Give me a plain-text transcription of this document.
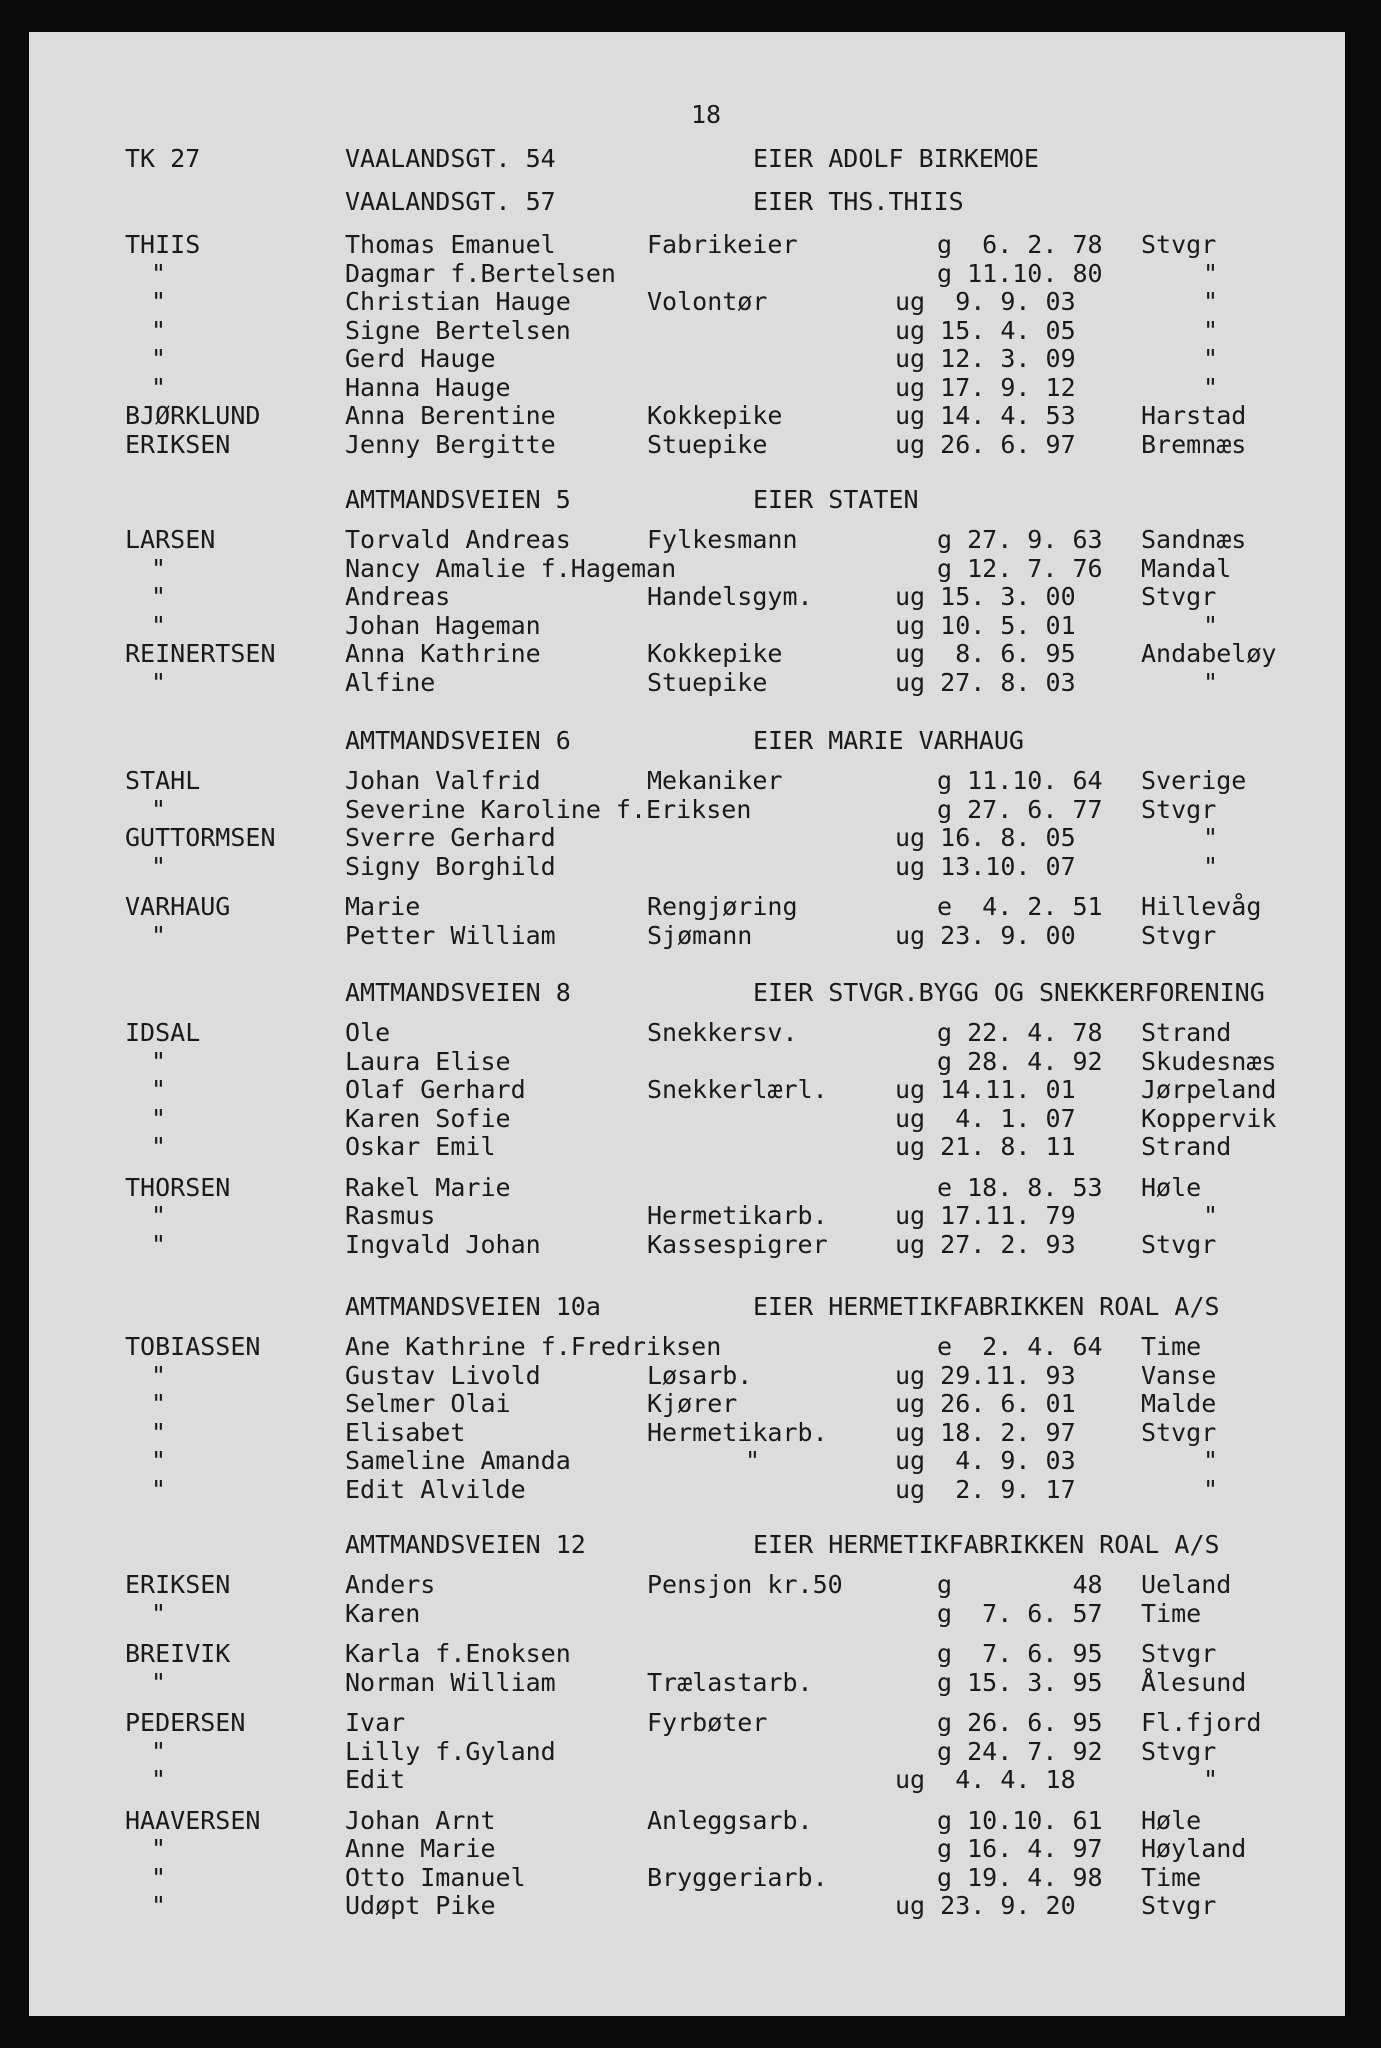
18
TK 27	VAALANDSGT. 54	EIER ADOLF BIRKEMOE
VAALANDSGT. 57	EIER THS.THIIS
THIIS	Thomas Emanuel	Fabrikeier	g  6. 2. 78 Stvgr
"	Dagmar f.Bertelsen	g 11.10. 80	"
"	Christian Hauge	Volontør	ug  9. 9. 03	"
"	Signe Bertelsen	ug 15. 4. 05	"
"	Gerd Hauge	ug 12. 3. 09	"
"	Hanna Hauge	ug 17. 9. 12	"
BJØRKLUND	Anna Berentine	Kokkepike	ug 14. 4. 53	Harstad
ERIKSEN	Jenny Bergitte	Stuepike	ug 26. 6. 97	Bremnæs
AMTMANDSVEIEN 5	EIER STATEN
LARSEN	Torvald Andreas	Fylkesmann	g 27. 9. 63 Sandnæs
"	Nancy Amalie f.Hageman	g 12. 7. 76 Mandal
"	Andreas	Handelsgym.	ug 15. 3. 00	Stvgr
"	Johan Hageman	ug 10. 5. 01	"
REINERTSEN	Anna Kathrine	Kokkepike	ug  8. 6. 95	Andabeløy
"	Alfine	Stuepike	ug 27. 8. 03	"
AMTMANDSVEIEN 6	EIER MARIE VARHAUG
STAHL	Johan Valfrid	Mekaniker	g 11.10. 64 Sverige
"	Severine Karoline f.Eriksen	g 27. 6. 77 Stvgr
GUTTORMSEN	Sverre Gerhard	ug 16. 8. 05	"
"	Signy Borghild	ug 13.10. 07	"
VARHAUG	Marie	Rengjøring	e  4. 2. 51 Hillevåg
"	Petter William	Sjømann	ug 23. 9. 00	Stvgr
AMTMANDSVEIEN 8	EIER STVGR.BYGG OG SNEKKERFORENING
IDSAL	Ole	Snekkersv.	g 22. 4. 78 Strand
"	Laura Elise	g 28. 4. 92 Skudesnæs
"	Olaf Gerhard	Snekkerlærl.	ug 14.11. 01	Jørpeland
"	Karen Sofie	ug  4. 1. 07	Koppervik
"	Oskar Emil	ug 21. 8. 11	Strand
THORSEN	Rakel Marie	e 18. 8. 53 Høle
"	Rasmus	Hermetikarb.	ug 17.11. 79	"
"	Ingvald Johan	Kassespigrer	ug 27. 2. 93	Stvgr
AMTMANDSVEIEN 10a	EIER HERMETIKFABRIKKEN ROAL A/S
TOBIASSEN	Ane Kathrine f.Fredriksen	e  2. 4. 64 Time
"	Gustav Livold	Løsarb.	ug 29.11. 93	Vanse
"	Selmer Olai	Kjører	ug 26. 6. 01	Malde
"	Elisabet	Hermetikarb.	ug 18. 2. 97	Stvgr
"	Sameline Amanda	"	ug  4. 9. 03	"
"	Edit Alvilde	ug  2. 9. 17	"
AMTMANDSVEIEN 12	EIER HERMETIKFABRIKKEN ROAL A/S
ERIKSEN	Anders	Pensjon kr.50	g        48 Ueland
"	Karen	g  7. 6. 57 Time
BREIVIK	Karla f.Enoksen	g  7. 6. 95 Stvgr
"	Norman William	Trælastarb.	g 15. 3. 95 Ålesund
PEDERSEN	Ivar	Fyrbøter	g 26. 6. 95 Fl.fjord
"	Lilly f.Gyland	g 24. 7. 92 Stvgr
"	Edit	ug  4. 4. 18	"
HAAVERSEN	Johan Arnt	Anleggsarb.	g 10.10. 61 Høle
"	Anne Marie	g 16. 4. 97 Høyland
"	Otto Imanuel	Bryggeriarb.	g 19. 4. 98 Time
"	Udøpt Pike	ug 23. 9. 20	Stvgr
